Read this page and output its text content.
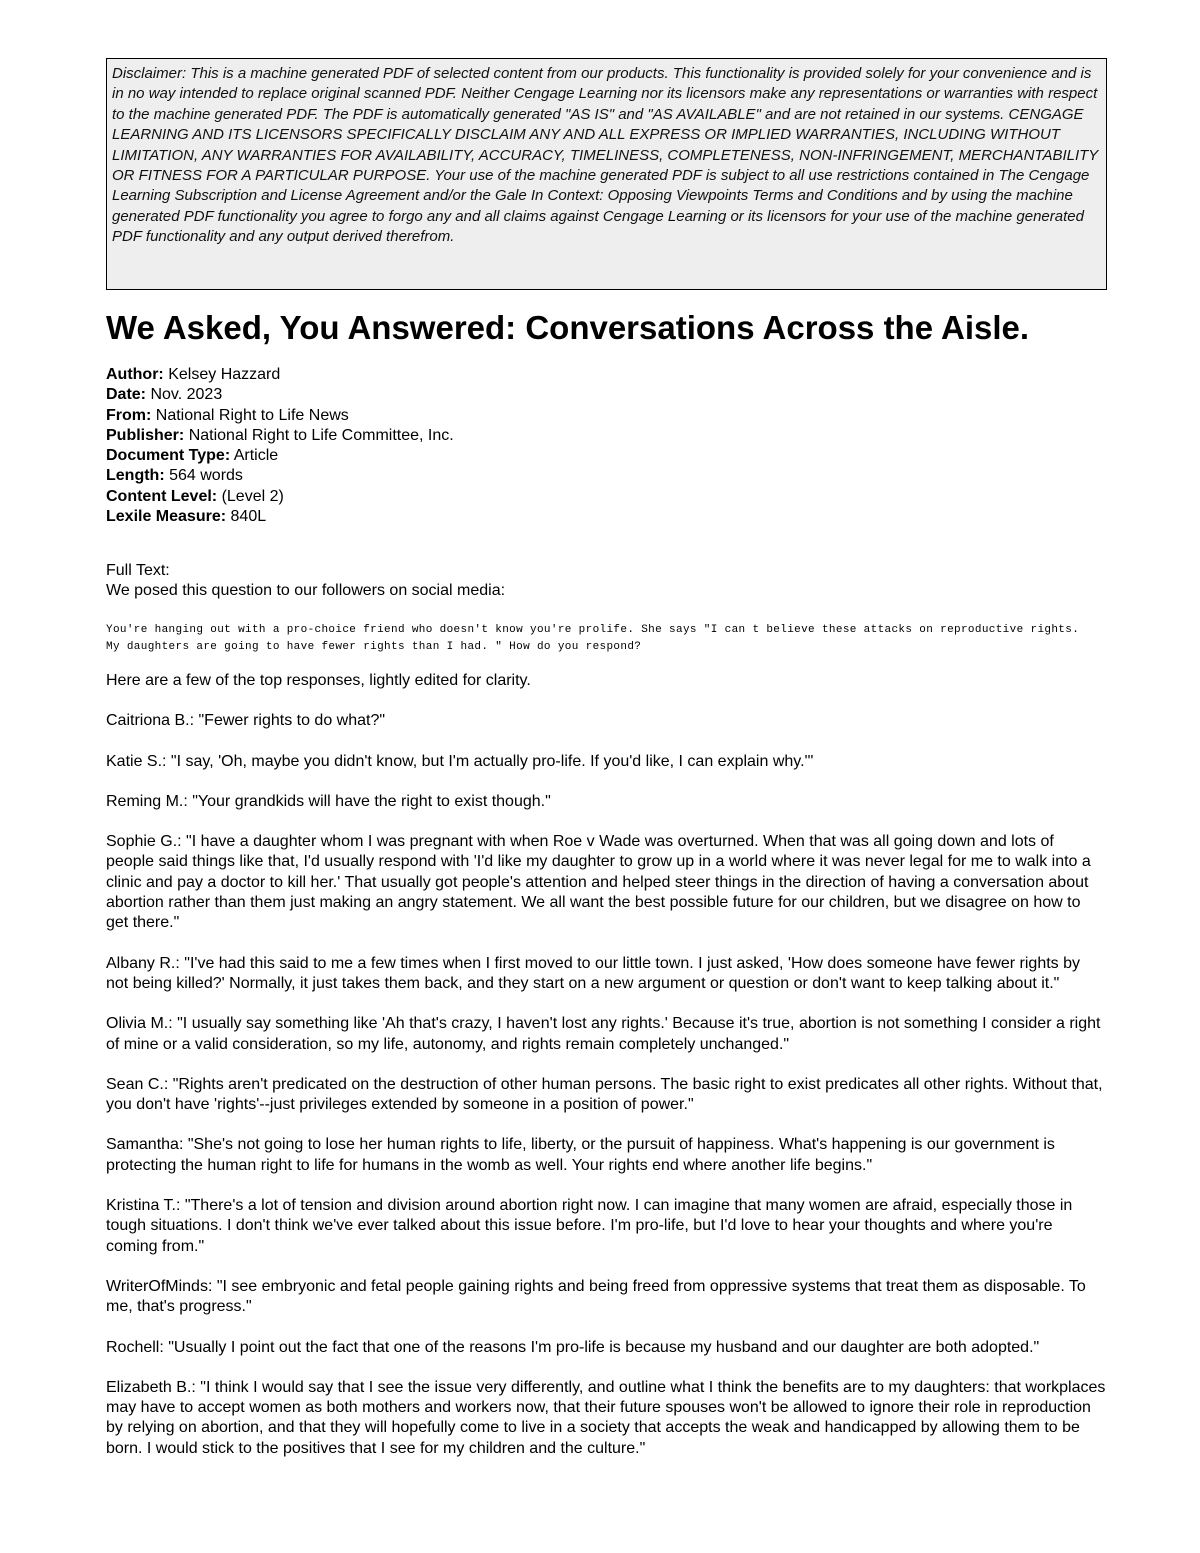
Disclaimer: This is a machine generated PDF of selected content from our products. This functionality is provided solely for your convenience and is in no way intended to replace original scanned PDF. Neither Cengage Learning nor its licensors make any representations or warranties with respect to the machine generated PDF. The PDF is automatically generated "AS IS" and "AS AVAILABLE" and are not retained in our systems. CENGAGE LEARNING AND ITS LICENSORS SPECIFICALLY DISCLAIM ANY AND ALL EXPRESS OR IMPLIED WARRANTIES, INCLUDING WITHOUT LIMITATION, ANY WARRANTIES FOR AVAILABILITY, ACCURACY, TIMELINESS, COMPLETENESS, NON-INFRINGEMENT, MERCHANTABILITY OR FITNESS FOR A PARTICULAR PURPOSE. Your use of the machine generated PDF is subject to all use restrictions contained in The Cengage Learning Subscription and License Agreement and/or the Gale In Context: Opposing Viewpoints Terms and Conditions and by using the machine generated PDF functionality you agree to forgo any and all claims against Cengage Learning or its licensors for your use of the machine generated PDF functionality and any output derived therefrom.
We Asked, You Answered: Conversations Across the Aisle.
Author: Kelsey Hazzard
Date: Nov. 2023
From: National Right to Life News
Publisher: National Right to Life Committee, Inc.
Document Type: Article
Length: 564 words
Content Level: (Level 2)
Lexile Measure: 840L
Full Text:
We posed this question to our followers on social media:
You're hanging out with a pro-choice friend who doesn't know you're prolife. She says "I can t believe these attacks on reproductive rights. My daughters are going to have fewer rights than I had. " How do you respond?

Here are a few of the top responses, lightly edited for clarity.

Caitriona B.: "Fewer rights to do what?"

Katie S.: "I say, 'Oh, maybe you didn't know, but I'm actually pro-life. If you'd like, I can explain why.'"

Reming M.: "Your grandkids will have the right to exist though."

Sophie G.: "I have a daughter whom I was pregnant with when Roe v Wade was overturned. When that was all going down and lots of people said things like that, I'd usually respond with 'I'd like my daughter to grow up in a world where it was never legal for me to walk into a clinic and pay a doctor to kill her.' That usually got people's attention and helped steer things in the direction of having a conversation about abortion rather than them just making an angry statement. We all want the best possible future for our children, but we disagree on how to get there."

Albany R.: "I've had this said to me a few times when I first moved to our little town. I just asked, 'How does someone have fewer rights by not being killed?' Normally, it just takes them back, and they start on a new argument or question or don't want to keep talking about it."

Olivia M.: "I usually say something like 'Ah that's crazy, I haven't lost any rights.' Because it's true, abortion is not something I consider a right of mine or a valid consideration, so my life, autonomy, and rights remain completely unchanged."

Sean C.: "Rights aren't predicated on the destruction of other human persons. The basic right to exist predicates all other rights. Without that, you don't have 'rights'--just privileges extended by someone in a position of power."

Samantha: "She's not going to lose her human rights to life, liberty, or the pursuit of happiness. What's happening is our government is protecting the human right to life for humans in the womb as well. Your rights end where another life begins."

Kristina T.: "There's a lot of tension and division around abortion right now. I can imagine that many women are afraid, especially those in tough situations. I don't think we've ever talked about this issue before. I'm pro-life, but I'd love to hear your thoughts and where you're coming from."

WriterOfMinds: "I see embryonic and fetal people gaining rights and being freed from oppressive systems that treat them as disposable. To me, that's progress."

Rochell: "Usually I point out the fact that one of the reasons I'm pro-life is because my husband and our daughter are both adopted."

Elizabeth B.: "I think I would say that I see the issue very differently, and outline what I think the benefits are to my daughters: that workplaces may have to accept women as both mothers and workers now, that their future spouses won't be allowed to ignore their role in reproduction by relying on abortion, and that they will hopefully come to live in a society that accepts the weak and handicapped by allowing them to be born. I would stick to the positives that I see for my children and the culture."
